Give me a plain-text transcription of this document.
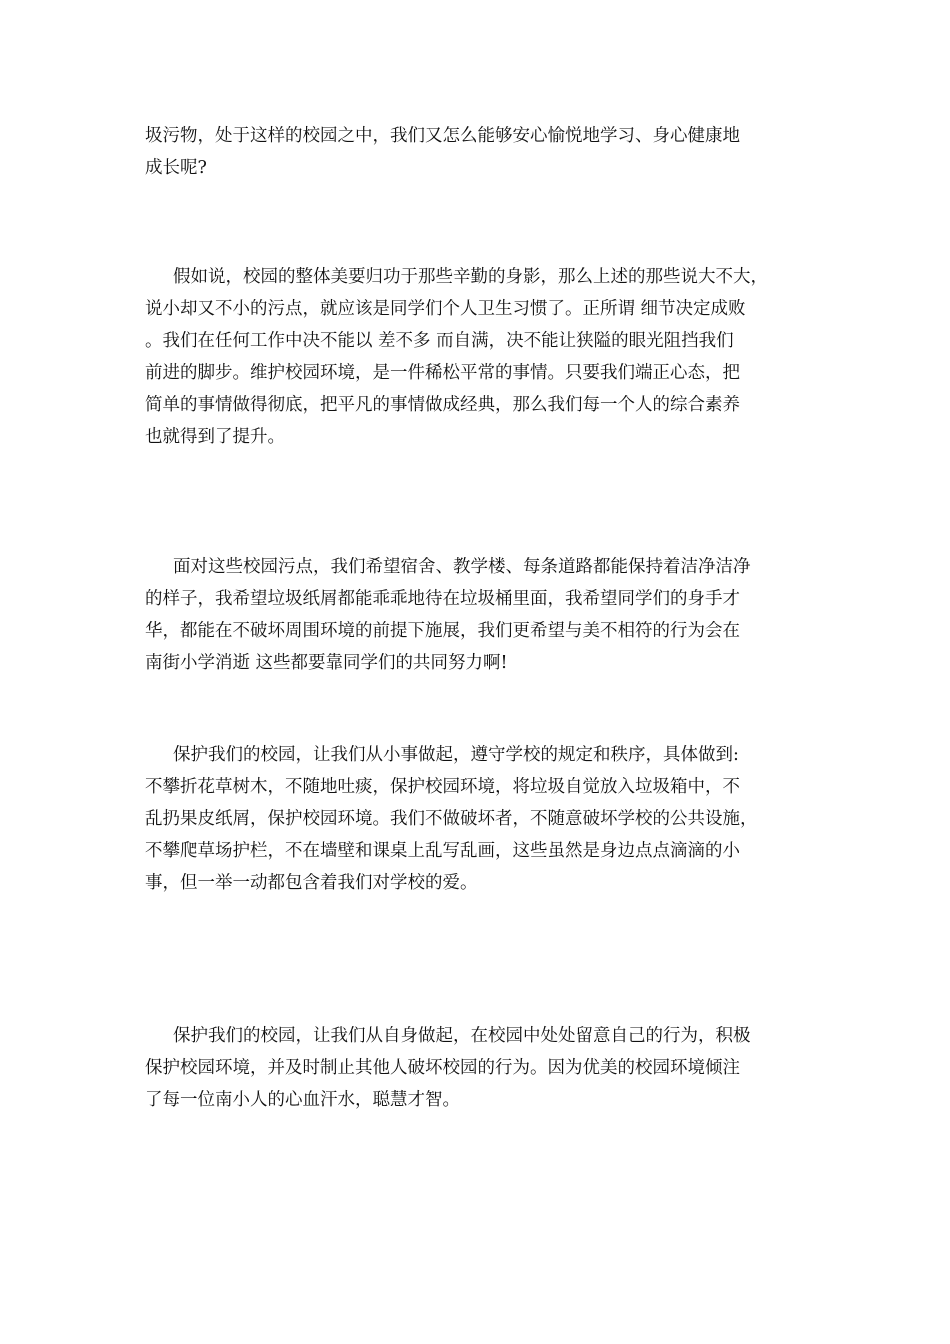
圾污物，处于这样的校园之中，我们又怎么能够安心愉悦地学习、身心健康地
成长呢?
假如说，校园的整体美要归功于那些辛勤的身影，那么上述的那些说大不大，
说小却又不小的污点，就应该是同学们个人卫生习惯了。正所谓 细节决定成败
。我们在任何工作中决不能以 差不多 而自满，决不能让狭隘的眼光阻挡我们
前进的脚步。维护校园环境，是一件稀松平常的事情。只要我们端正心态，把
简单的事情做得彻底，把平凡的事情做成经典，那么我们每一个人的综合素养
也就得到了提升。
面对这些校园污点，我们希望宿舍、教学楼、每条道路都能保持着洁净洁净
的样子，我希望垃圾纸屑都能乖乖地待在垃圾桶里面，我希望同学们的身手才
华，都能在不破坏周围环境的前提下施展，我们更希望与美不相符的行为会在
南街小学消逝 这些都要靠同学们的共同努力啊!
保护我们的校园，让我们从小事做起，遵守学校的规定和秩序，具体做到:
不攀折花草树木，不随地吐痰，保护校园环境，将垃圾自觉放入垃圾箱中，不
乱扔果皮纸屑，保护校园环境。我们不做破坏者，不随意破坏学校的公共设施，
不攀爬草场护栏，不在墙壁和课桌上乱写乱画，这些虽然是身边点点滴滴的小
事，但一举一动都包含着我们对学校的爱。
保护我们的校园，让我们从自身做起，在校园中处处留意自己的行为，积极
保护校园环境，并及时制止其他人破坏校园的行为。因为优美的校园环境倾注
了每一位南小人的心血汗水，聪慧才智。
